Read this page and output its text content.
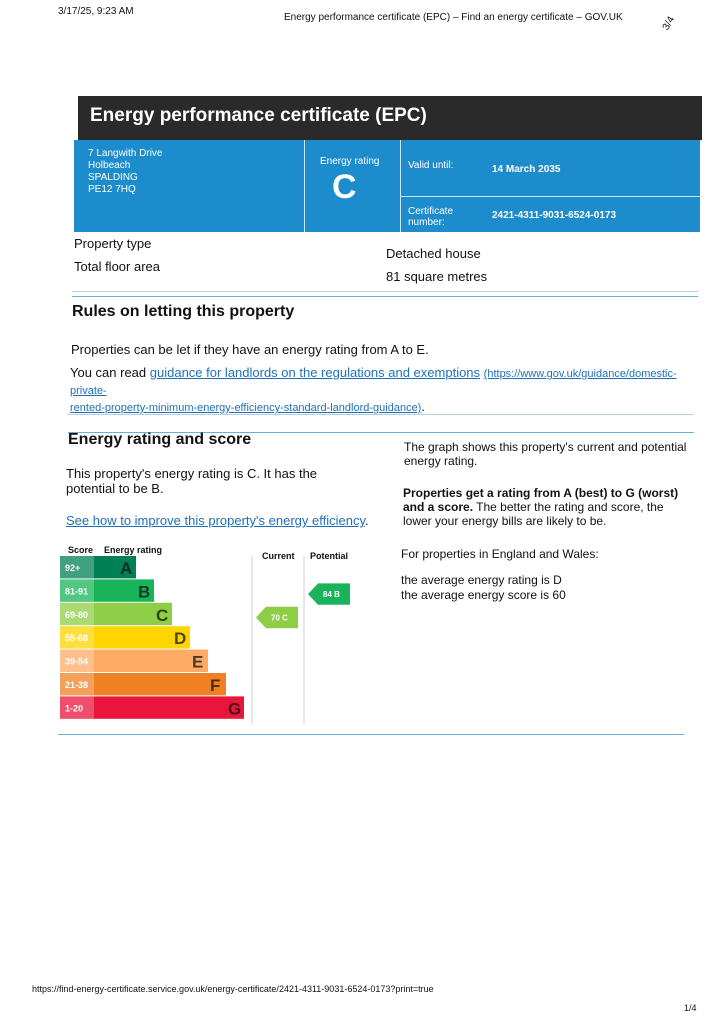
3/17/25, 9:23 AM
Energy performance certificate (EPC) – Find an energy certificate – GOV.UK	3/4
Energy performance certificate (EPC)
7 Langwith Drive
Holbeach
SPALDING
PE12 7HQ
Energy rating
C
Valid until:	14 March 2035
Certificate number:
2421-4311-9031-6524-0173
Property type
Detached house
Total floor area
81 square metres
Rules on letting this property
Properties can be let if they have an energy rating from A to E.
You can read guidance for landlords on the regulations and exemptions (https://www.gov.uk/guidance/domestic-private-
rented-property-minimum-energy-efficiency-standard-landlord-guidance).
Energy rating and score
This property's energy rating is C. It has the potential to be B.
See how to improve this property's energy efficiency.
The graph shows this property's current and potential energy rating.
Properties get a rating from A (best) to G (worst) and a score. The better the rating and score, the lower your energy bills are likely to be.
For properties in England and Wales:
the average energy rating is D
the average energy score is 60
Score Energy rating
Current Potential
92+ A
81-91	B
69-80	C
55-68	D
39-54	E
21-38	F
1-20	G
70 C
84 B
https://find-energy-certificate.service.gov.uk/energy-certificate/2421-4311-9031-6524-0173?print=true
1/4
